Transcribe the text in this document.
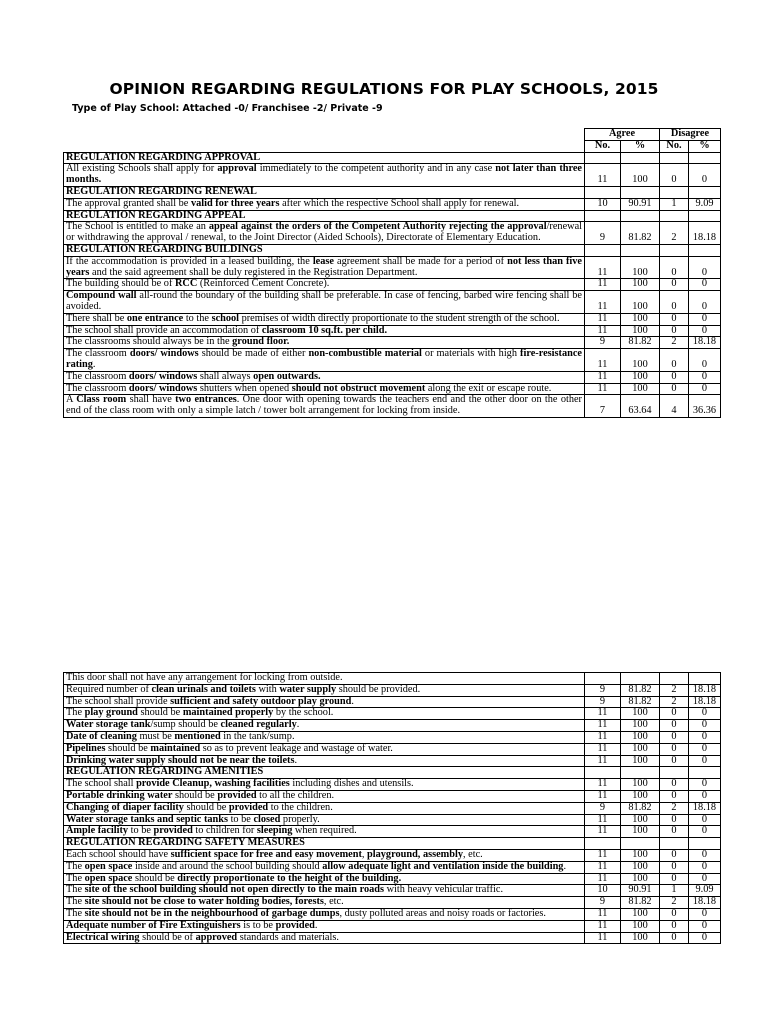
OPINION REGARDING REGULATIONS FOR PLAY SCHOOLS, 2015
Type of Play School: Attached -0/ Franchisee -2/ Private -9
	Agree		Disagree	
	No.	%	No.	%
REGULATION REGARDING APPROVAL				
All existing Schools shall apply for approval immediately to the competent authority and in any case not later than three months.	11	100	0	0
REGULATION REGARDING RENEWAL				
The approval granted shall be valid for three years after which the respective School shall apply for renewal.	10	90.91	1	9.09
REGULATION REGARDING APPEAL				
The School is entitled to make an appeal against the orders of the Competent Authority rejecting the approval/renewal or withdrawing the approval / renewal, to the Joint Director (Aided Schools), Directorate of Elementary Education.	9	81.82	2	18.18
REGULATION REGARDING BUILDINGS				
If the accommodation is provided in a leased building, the lease agreement shall be made for a period of not less than five years and the said agreement shall be duly registered in the Registration Department.	11	100	0	0
The building should be of RCC (Reinforced Cement Concrete).	11	100	0	0
Compound wall all-round the boundary of the building shall be preferable. In case of fencing, barbed wire fencing shall be avoided.	11	100	0	0
There shall be one entrance to the school premises of width directly proportionate to the student strength of the school.	11	100	0	0
The school shall provide an accommodation of classroom 10 sq.ft. per child.	11	100	0	0
The classrooms should always be in the ground floor.	9	81.82	2	18.18
The classroom doors/ windows should be made of either non-combustible material or materials with high fire-resistance rating.	11	100	0	0
The classroom doors/ windows shall always open outwards.	11	100	0	0
The classroom doors/ windows shutters when opened should not obstruct movement along the exit or escape route.	11	100	0	0
A Class room shall have two entrances. One door with opening towards the teachers end and the other door on the other end of the class room with only a simple latch / tower bolt arrangement for locking from inside.	7	63.64	4	36.36
This door shall not have any arrangement for locking from outside.				
Required number of clean urinals and toilets with water supply should be provided.	9	81.82	2	18.18
The school shall provide sufficient and safety outdoor play ground.	9	81.82	2	18.18
The play ground should be maintained properly by the school.	11	100	0	0
Water storage tank/sump should be cleaned regularly.	11	100	0	0
Date of cleaning must be mentioned in the tank/sump.	11	100	0	0
Pipelines should be maintained so as to prevent leakage and wastage of water.	11	100	0	0
Drinking water supply should not be near the toilets.	11	100	0	0
REGULATION REGARDING AMENITIES				
The school shall provide Cleanup, washing facilities including dishes and utensils.	11	100	0	0
Portable drinking water should be provided to all the children.	11	100	0	0
Changing of diaper facility should be provided to the children.	9	81.82	2	18.18
Water storage tanks and septic tanks to be closed properly.	11	100	0	0
Ample facility to be provided to children for sleeping when required.	11	100	0	0
REGULATION REGARDING SAFETY MEASURES				
Each school should have sufficient space for free and easy movement, playground, assembly, etc.	11	100	0	0
The open space inside and around the school building should allow adequate light and ventilation inside the building.	11	100	0	0
The open space should be directly proportionate to the height of the building.	11	100	0	0
The site of the school building should not open directly to the main roads with heavy vehicular traffic.	10	90.91	1	9.09
The site should not be close to water holding bodies, forests, etc.	9	81.82	2	18.18
The site should not be in the neighbourhood of garbage dumps, dusty polluted areas and noisy roads or factories.	11	100	0	0
Adequate number of Fire Extinguishers is to be provided.	11	100	0	0
Electrical wiring should be of approved standards and materials.	11	100	0	0
